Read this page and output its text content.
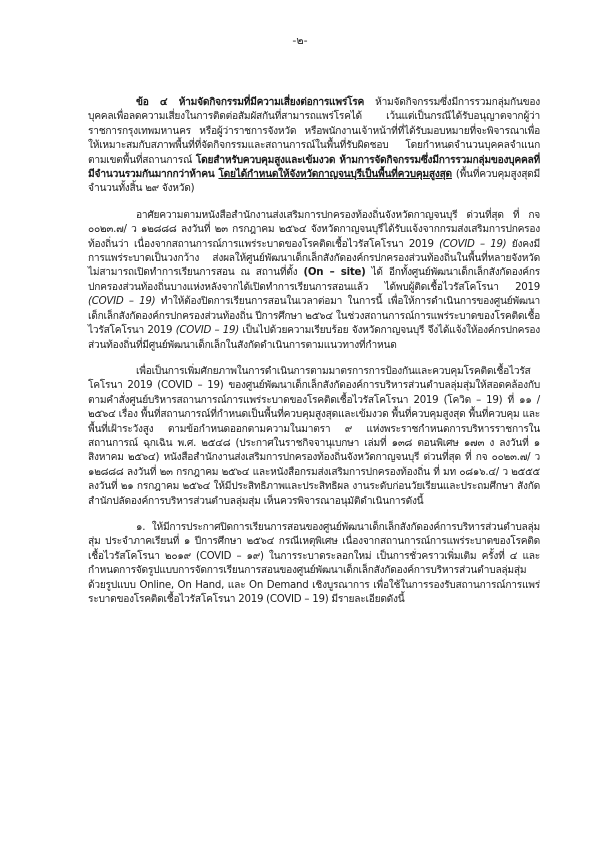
-๒-

ข้อ ๔ ห้ามจัดกิจกรรมที่มีความเสี่ยงต่อการแพร่โรค ห้ามจัดกิจกรรมซึ่งมีการรวมกลุ่มกันของบุคคลเพื่อลดความเสี่ยงในการติดต่อสัมผัสกันที่สามารถแพร่โรคได้ เว้นแต่เป็นกรณีได้รับอนุญาตจากผู้ว่าราชการกรุงเทพมหานคร หรือผู้ว่าราชการจังหวัด หรือพนักงานเจ้าหน้าที่ที่ได้รับมอบหมายที่จะพิจารณาเพื่อให้เหมาะสมกับสภาพพื้นที่ที่จัดกิจกรรมและสถานการณ์ในพื้นที่รับผิดชอบ โดยกำหนดจำนวนบุคคลจำแนกตามเขตพื้นที่สถานการณ์ โดยสำหรับควบคุมสูงและเข้มงวด ห้ามการจัดกิจกรรมซึ่งมีการรวมกลุ่มของบุคคลที่มีจำนวนรวมกันมากกว่าห้าคน โดยได้กำหนดให้จังหวัดกาญจนบุรีเป็นพื้นที่ควบคุมสูงสุด (พื้นที่ควบคุมสูงสุดมีจำนวนทั้งสิ้น ๒๙ จังหวัด)

อาศัยความตามหนังสือสำนักงานส่งเสริมการปกครองท้องถิ่นจังหวัดกาญจนบุรี ด่วนที่สุด ที่ กจ ๐๐๒๓.๗/ ว ๑๒๘๘๘ ลงวันที่ ๒๓ กรกฎาคม ๒๕๖๔ จังหวัดกาญจนบุรีได้รับแจ้งจากกรมส่งเสริมการปกครองท้องถิ่นว่า เนื่องจากสถานการณ์การแพร่ระบาดของโรคติดเชื้อไวรัสโคโรนา 2019 (COVID – 19) ยังคงมีการแพร่ระบาดเป็นวงกว้าง ส่งผลให้ศูนย์พัฒนาเด็กเล็กสังกัดองค์กรปกครองส่วนท้องถิ่นในพื้นที่หลายจังหวัดไม่สามารถเปิดทำการเรียนการสอน ณ สถานที่ตั้ง (On – site) ได้ อีกทั้งศูนย์พัฒนาเด็กเล็กสังกัดองค์กรปกครองส่วนท้องถิ่นบางแห่งหลังจากได้เปิดทำการเรียนการสอนแล้ว ได้พบผู้ติดเชื้อไวรัสโคโรนา 2019 (COVID – 19) ทำให้ต้องปิดการเรียนการสอนในเวลาต่อมา ในการนี้ เพื่อให้การดำเนินการของศูนย์พัฒนาเด็กเล็กสังกัดองค์กรปกครองส่วนท้องถิ่น ปีการศึกษา ๒๕๖๔ ในช่วงสถานการณ์การแพร่ระบาดของโรคติดเชื้อไวรัสโคโรนา 2019 (COVID – 19) เป็นไปด้วยความเรียบร้อย จังหวัดกาญจนบุรี จึงได้แจ้งให้องค์กรปกครองส่วนท้องถิ่นที่มีศูนย์พัฒนาเด็กเล็กในสังกัดดำเนินการตามแนวทางที่กำหนด

เพื่อเป็นการเพิ่มศักยภาพในการดำเนินการตามมาตรการการป้องกันและควบคุมโรคติดเชื้อไวรัสโคโรนา 2019 (COVID – 19) ของศูนย์พัฒนาเด็กเล็กสังกัดองค์การบริหารส่วนตำบลลุ่มสุ่มให้สอดคล้องกับตามคำสั่งศูนย์บริหารสถานการณ์การแพร่ระบาดของโรคติดเชื้อไวรัสโคโรนา 2019 (โควิด – 19) ที่ ๑๑ / ๒๕๖๔ เรื่อง พื้นที่สถานการณ์ที่กำหนดเป็นพื้นที่ควบคุมสูงสุดและเข้มงวด พื้นที่ควบคุมสูงสุด พื้นที่ควบคุม และพื้นที่เฝ้าระวังสูง ตามข้อกำหนดออกตามความในมาตรา ๙ แห่งพระราชกำหนดการบริหารราชการในสถานการณ์ ฉุกเฉิน พ.ศ. ๒๕๔๘ (ประกาศในราชกิจจานุเบกษา เล่มที่ ๑๓๘ ตอนพิเศษ ๑๗๓ ง ลงวันที่ ๑ สิงหาคม ๒๕๖๔) หนังสือสำนักงานส่งเสริมการปกครองท้องถิ่นจังหวัดกาญจนบุรี ด่วนที่สุด ที่ กจ ๐๐๒๓.๗/ ว ๑๒๘๘๘ ลงวันที่ ๒๓ กรกฎาคม ๒๕๖๔ และหนังสือกรมส่งเสริมการปกครองท้องถิ่น ที่ มท ๐๘๑๖.๔/ ว ๒๕๕๕ ลงวันที่ ๒๑ กรกฎาคม ๒๕๖๔ ให้มีประสิทธิภาพและประสิทธิผล งานระดับก่อนวัยเรียนและประถมศึกษา สังกัดสำนักปลัดองค์การบริหารส่วนตำบลลุ่มสุ่ม เห็นควรพิจารณาอนุมัติดำเนินการดังนี้

๑. ให้มีการประกาศปิดการเรียนการสอนของศูนย์พัฒนาเด็กเล็กสังกัดองค์การบริหารส่วนตำบลลุ่มสุ่ม ประจำภาคเรียนที่ ๑ ปีการศึกษา ๒๕๖๔ กรณีเหตุพิเศษ เนื่องจากสถานการณ์การแพร่ระบาดของโรคติดเชื้อไวรัสโคโรนา ๒๐๑๙ (COVID – ๑๙) ในการระบาดระลอกใหม่ เป็นการชั่วคราวเพิ่มเติม ครั้งที่ ๔ และกำหนดการจัดรูปแบบการจัดการเรียนการสอนของศูนย์พัฒนาเด็กเล็กสังกัดองค์การบริหารส่วนตำบลลุ่มสุ่ม ด้วยรูปแบบ Online, On Hand, และ On Demand เชิงบูรณาการ เพื่อใช้ในการรองรับสถานการณ์การแพร่ระบาดของโรคติดเชื้อไวรัสโคโรนา 2019 (COVID – 19) มีรายละเอียดดังนี้
